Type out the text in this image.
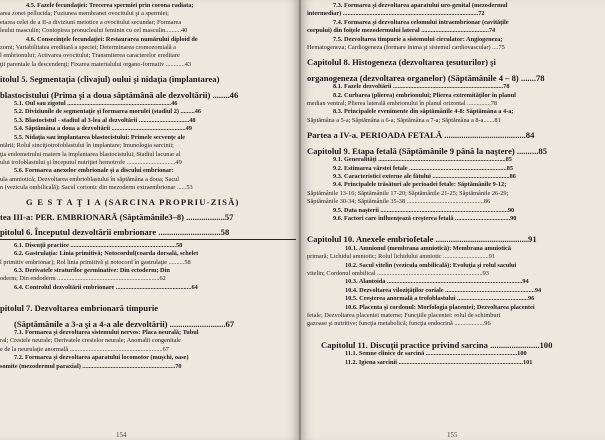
4.5. Fazele fecundaţiei: Trecerea spermiei prin corona radiata;
area zonei pellucida; Fuziunea membranei ovocitului şi a spermiei;
etarea celei de a II-a diviziuni meiotice a ovocitului secundar; Formarea
leului masculin; Contopirea pronucleului feminin cu cel masculin..........40
4.6. Consecinţele fecundaţiei: Restaurarea numărului diploid de
zomi; Variabilitatea ereditară a speciei; Determinarea cromozomială a
l embrionului; Activarea ovocitului; Transmiterea caracterelor ereditare
ţii parentale la descendenţi; Fixarea materialului organo-formativ ............43
itolul 5. Segmentaţia (clivajul) oului şi nidaţia (implantarea)
blastocistului (Prima şi a doua săptămână ale dezvoltării) ........46
5.1. Oul sau zigotul ..................................................................46
5.2. Diviziunile de segmentaţie şi formarea morulei (stadiul 2) .........46
5.3. Blastocistul - stadiul al 3-lea al dezvoltării ................................48
5.4. Săptămâna a doua a dezvoltării ...............................................49
5.5. Nidaţia sau implantarea blastocistului: Primele secvenţe ale
ntării; Rolul sinciţiotrofoblastului în implantare; Imunologia sarcinii;
ţia endometrului matern la implantarea blastocistului; Stadiul lacunar al
ului trofoblastului şi începutul nutriţiei hemotrofe ...............................49
5.6. Formarea anexelor embrionale şi a discului embrionar:
ula amniotică; Dezvoltarea embrioblastului în săptămâna a doua; Sacul
n (vezicula ombilicală); Sacul corionic din mezoderm extraembrionar ......53
G E S T A Ţ I A (SARCINA PROPRIU-ZISĂ)
tea III-a: PER. EMBRIONARĂ (Săptămânile3–8) ..................57
pitolul 6. Începutul dezvoltării embrionare .............................58
6.1. Discuţii practice ...................................................................58
6.2. Gastrulaţia: Linia primitivă; Notocordul(coarda dorsală, schelet
l primitiv embrionar); Rol linia primitivă şi notocord în gastrulaţie ..........58
6.3. Derivatele straturilor germinative: Din ectoderm; Din
oderm; Din endoderm .................................................................62
6.4. Controlul dezvoltării embrionare ................................................64
pitolul 7. Dezvoltarea embrionară timpurie
(Săptămânile a 3-a şi a 4-a ale dezvoltării) ..........................67
7.1. Formarea şi dezvoltarea sistemului nervos: Placa neurală; Tubul
ral; Crestele neurale; Derivatele crestelor neurale; Anomalii congenitale
e de la neurulaţie anormală ...........................................................67
7.2. Formarea şi dezvoltarea aparatului locomotor (muşchi, oase)
somite (mezodermul paraxial) ...........................................................70
154
7.3. Formarea şi dezvoltarea aparatului uro-genital (mezodermul
intermediar) ......................................................................................72
7.4. Formarea şi dezvoltarea celomului intraembrionar (cavităţile
corpului) din foiţele mezodermului lateral ...........................................74
7.5. Dezvoltarea timpurie a sistemului circulator: Angiogeneza;
Hematogeneza; Cardiogeneza (formare inima şi sistemul cardiovascular) ....75
Capitolul 8. Histogeneza (dezvoltarea ţesuturilor) şi
organogeneza (dezvoltarea organelor) (Săptămânile 4 – 8) .......78
8.1. Fazele dezvoltării ......................................................................78
8.2. Curbarea (plierea) embrionului; Plierea extremităţilor în planul
median ventral; Plierea laterală embrionului în planul orizontal ...............78
8.3. Principalele evenimente din săptămânile 4-8: Săptămâna a 4-a;
Săptămâna a 5-a; Săptămâna a 6-a; Săptămâna a 7-a; Săptămâna a 8-a.......81
Partea a IV-a. PERIOADA FETALĂ ......................................84
Capitolul 9. Etapa fetală (Săptămânile 9 până la naştere) ..........85
9.1. Generalităţi .................................................................................85
9.2. Estimarea vârstei fetale ..............................................................85
9.3. Caracteristici externe ale fătului .................................................86
9.4. Principalele trăsături ale perioadei fetale: Săptămânile 9-12;
Săptămânile 13-16; Săptămânile 17-20; Săptămânile 21-25; Săptămânile 26-29;
Săptămânile 30-34; Săptămânile 35-38 .................................................86
9.5. Data naşterii .................................................................................90
9.6. Factori care influenţează creşterea fetală ...................................90
Capitolul 10. Anexele embriofetale ...........................................91
10.1. Amnionul (membrana amniotică): Membrana amniotică
primară; Lichidul amniotic; Rolul lichidului amniotic .............................91
10.2. Sacul vitelin (vezicula ombilicală): Evoluţia şi rolul sacului
vitelin; Cordonul ombilical ...................................................................93
10.3. Alantoida ......................................................................................94
10.4. Dezvoltarea viloziţăţilor coriale .........................................................94
10.5. Creşterea anormală a trofoblastului .............................................96
10.6. Placenta şi cordonul: Morfologia placentei; Dezvoltarea placentei
fetale; Dezvoltarea placentei materne; Funcţiile placentei: rolul de schimburi
gazoase şi nutritive; funcţia metabolică; funcţia endocrină ...................96
Capitolul 11. Discuţii practice privind sarcina .......................100
11.1. Semne clinice de sarcină ..........................................................100
11.2. Igiena sarcinii ...............................................................................101
155
